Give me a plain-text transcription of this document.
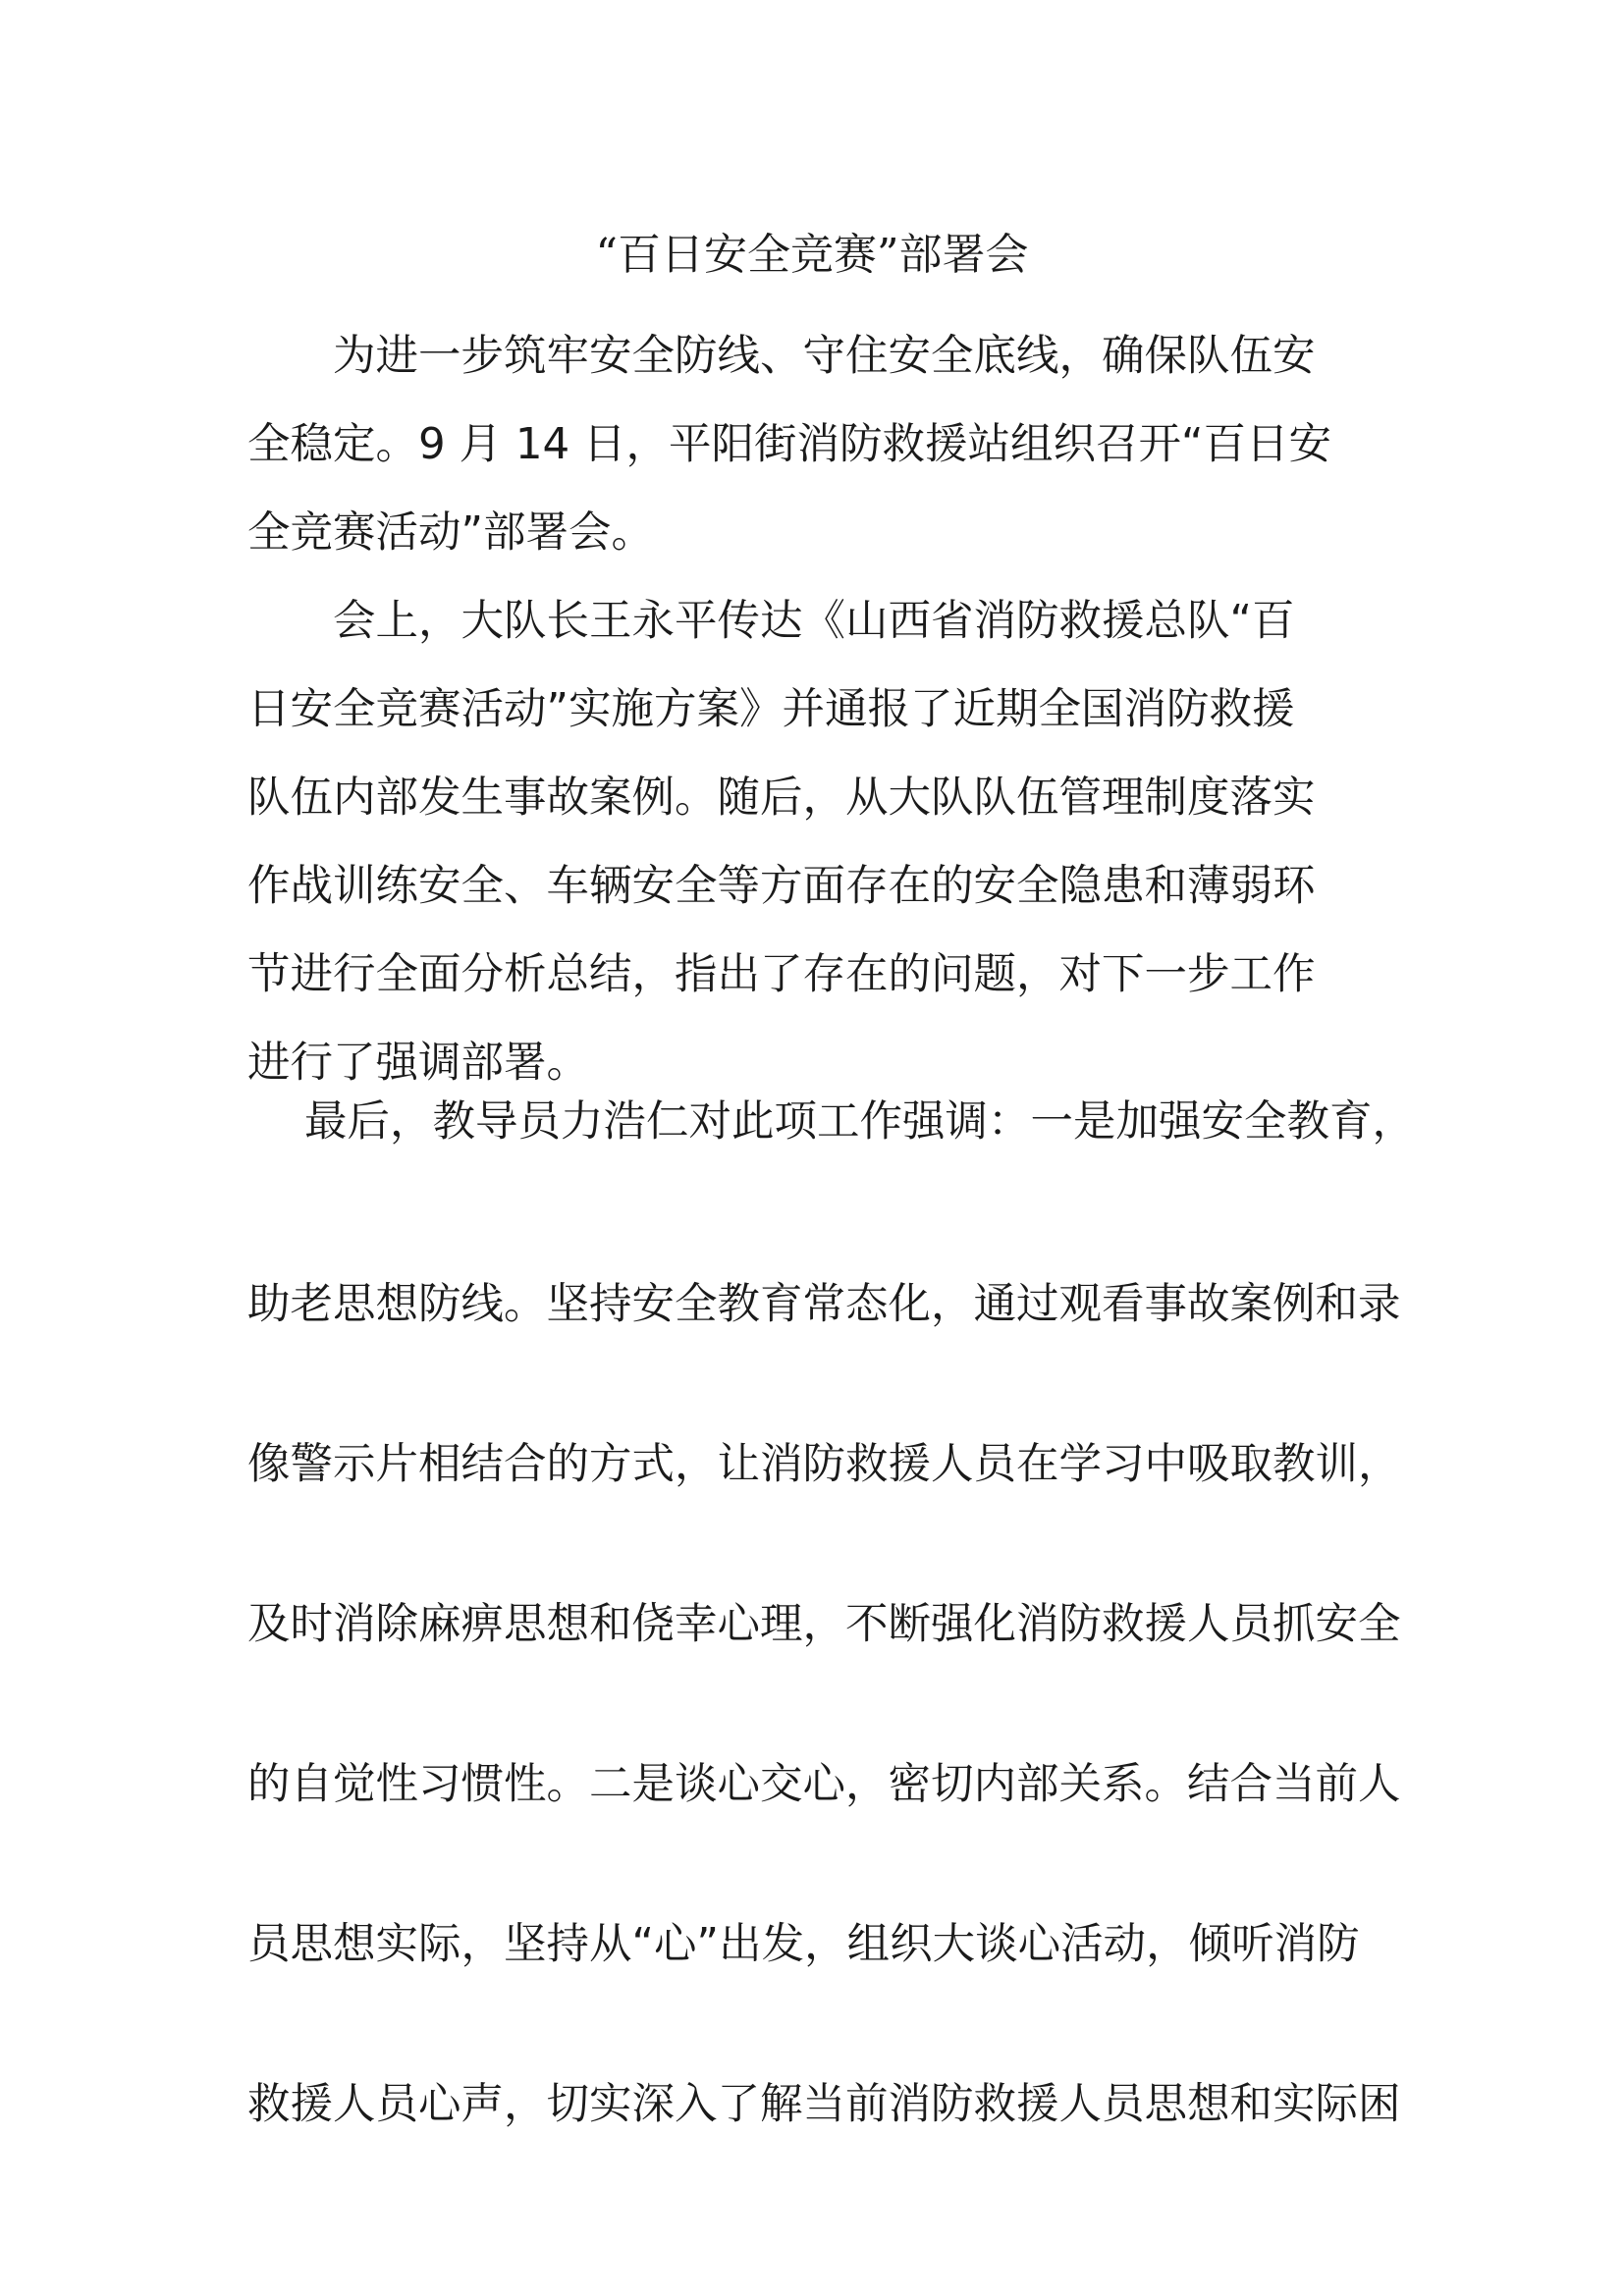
“百日安全竞赛”部署会
为进一步筑牢安全防线、守住安全底线，确保队伍安
全稳定。9 月 14 日，平阳街消防救援站组织召开“百日安
全竞赛活动”部署会。
会上，大队长王永平传达《山西省消防救援总队“百
日安全竞赛活动”实施方案》并通报了近期全国消防救援
队伍内部发生事故案例。随后，从大队队伍管理制度落实
作战训练安全、车辆安全等方面存在的安全隐患和薄弱环
节进行全面分析总结，指出了存在的问题，对下一步工作
进行了强调部署。
最后，教导员力浩仁对此项工作强调：一是加强安全教育，
助老思想防线。坚持安全教育常态化，通过观看事故案例和录
像警示片相结合的方式，让消防救援人员在学习中吸取教训，
及时消除麻痹思想和侥幸心理，不断强化消防救援人员抓安全
的自觉性习惯性。二是谈心交心，密切内部关系。结合当前人
员思想实际，坚持从“心”出发，组织大谈心活动，倾听消防
救援人员心声，切实深入了解当前消防救援人员思想和实际困
